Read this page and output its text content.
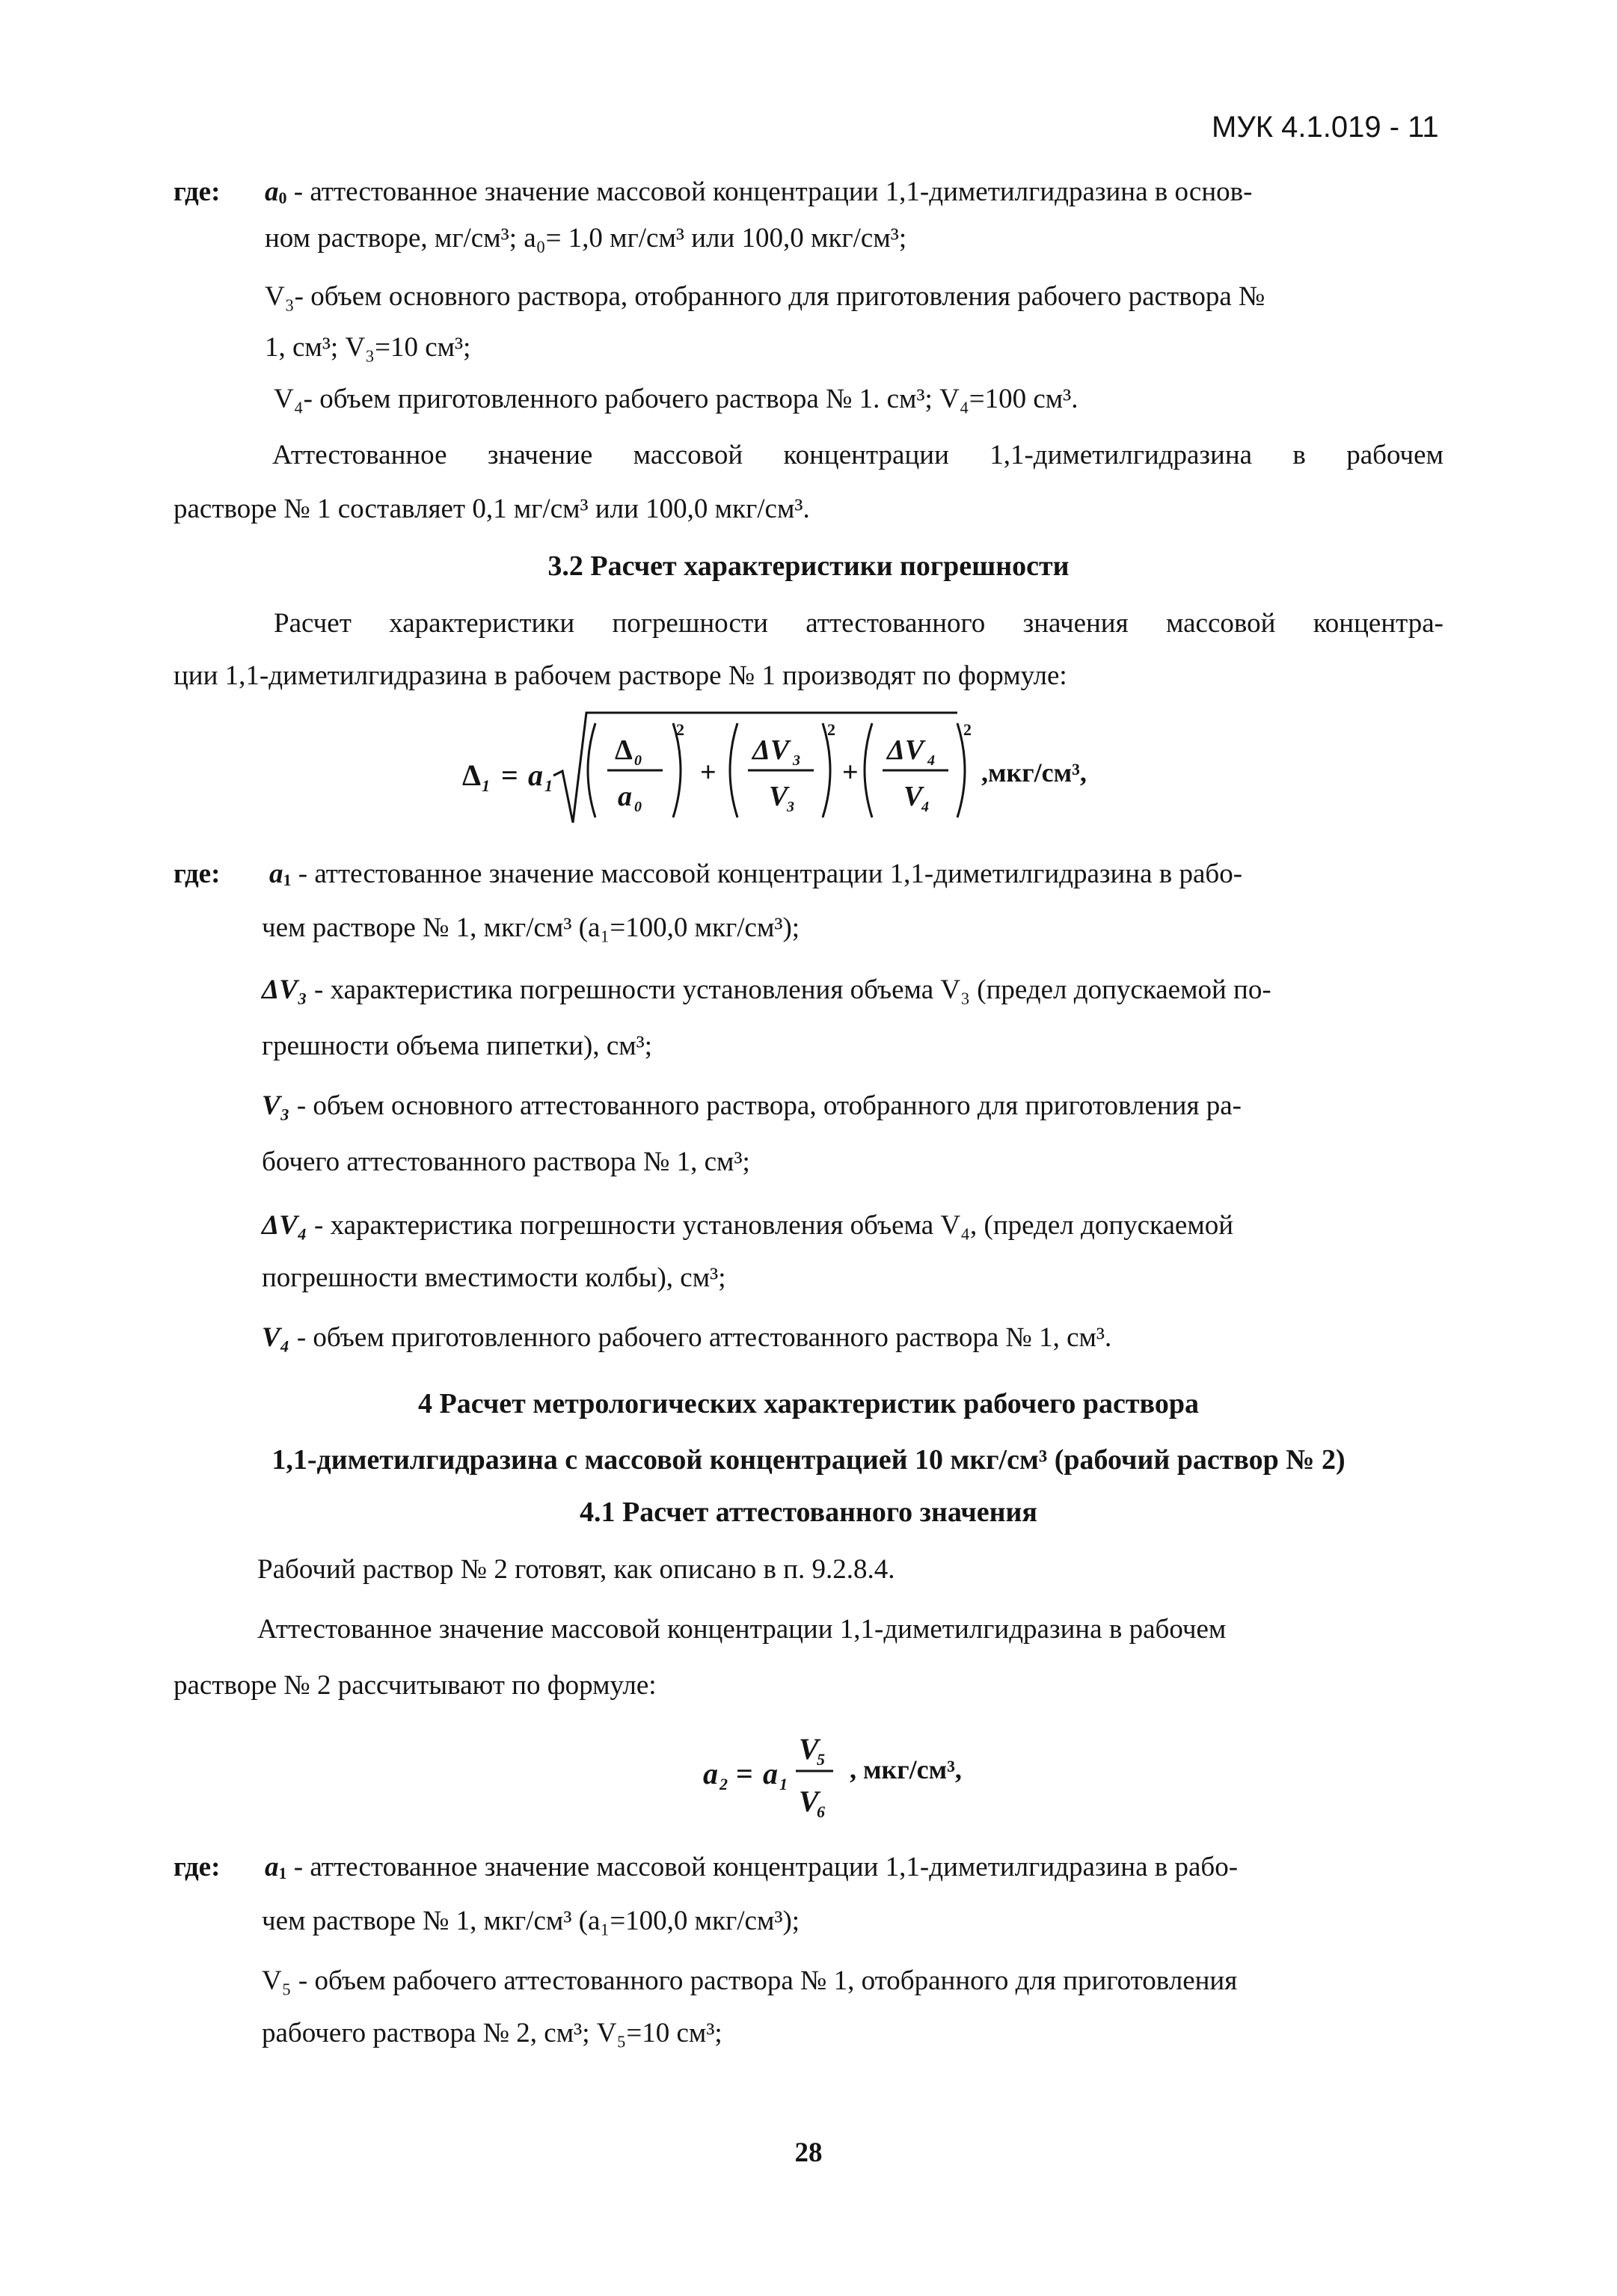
МУК 4.1.019 - 11
где: a0 - аттестованное значение массовой концентрации 1,1-диметилгидразина в основ-
ном растворе, мг/см³; a₀= 1,0 мг/см³ или 100,0 мкг/см³;
V₃- объем основного раствора, отобранного для приготовления рабочего раствора №
1, см³; V₃=10 см³;
V₄- объем приготовленного рабочего раствора № 1. см³; V₄=100 см³.
Аттестованное значение массовой концентрации 1,1-диметилгидразина в рабочем
растворе № 1 составляет 0,1 мг/см³ или 100,0 мкг/см³.
3.2 Расчет характеристики погрешности
Расчет характеристики погрешности аттестованного значения массовой концентра-
ции 1,1-диметилгидразина в рабочем растворе № 1 производят по формуле:
Δ 1 = a 1
Δ 0
a 0
2
+
ΔV 3
V
3
2
+
ΔV 4
V
4
2
,мкг/см³,
где: a1 - аттестованное значение массовой концентрации 1,1-диметилгидразина в рабо-
чем растворе № 1, мкг/см³ (a₁=100,0 мкг/см³);
ΔV₃ - характеристика погрешности установления объема V₃ (предел допускаемой по-
грешности объема пипетки), см³;
V₃ - объем основного аттестованного раствора, отобранного для приготовления ра-
бочего аттестованного раствора № 1, см³;
ΔV₄ - характеристика погрешности установления объема V₄, (предел допускаемой
погрешности вместимости колбы), см³;
V₄ - объем приготовленного рабочего аттестованного раствора № 1, см³.
4 Расчет метрологических характеристик рабочего раствора
1,1-диметилгидразина с массовой концентрацией 10 мкг/см³ (рабочий раствор № 2)
4.1 Расчет аттестованного значения
Рабочий раствор № 2 готовят, как описано в п. 9.2.8.4.
Аттестованное значение массовой концентрации 1,1-диметилгидразина в рабочем
растворе № 2 рассчитывают по формуле:
a 2 = a 1
V
5
V
6
, мкг/см³,
где: a1 - аттестованное значение массовой концентрации 1,1-диметилгидразина в рабо-
чем растворе № 1, мкг/см³ (a₁=100,0 мкг/см³);
V₅ - объем рабочего аттестованного раствора № 1, отобранного для приготовления
рабочего раствора № 2, см³; V₅=10 см³;
28
